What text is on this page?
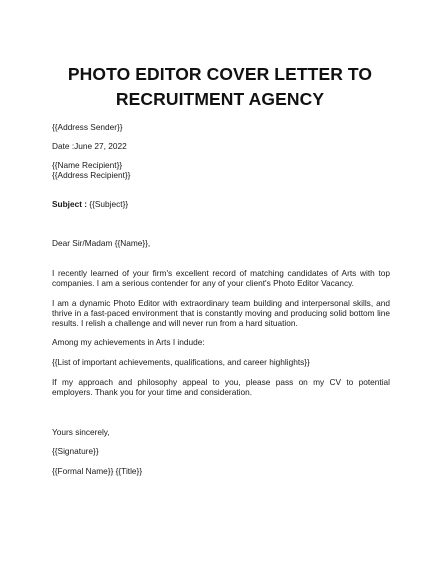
PHOTO EDITOR COVER LETTER TO
RECRUITMENT AGENCY

{{Address Sender}}

Date :June 27, 2022

{{Name Recipient}}

{{Address Recipient}}

Subject : {{Subject}}

Dear Sir/Madam {{Name}},

I recently learned of your firm's excellent record of matching candidates of Arts with top companies. I am a serious contender for any of your client's Photo Editor Vacancy.

I am a dynamic Photo Editor with extraordinary team building and interpersonal skills, and thrive in a fast-paced environment that is constantly moving and producing solid bottom line results. I relish a challenge and will never run from a hard situation.

Among my achievements in Arts I indude:

{{List of important achievements, qualifications, and career highlights}}

If my approach and philosophy appeal to you, please pass on my CV to potential employers. Thank you for your time and consideration.

Yours sincerely,

{{Signature}}

{{Formal Name}} {{Title}}
